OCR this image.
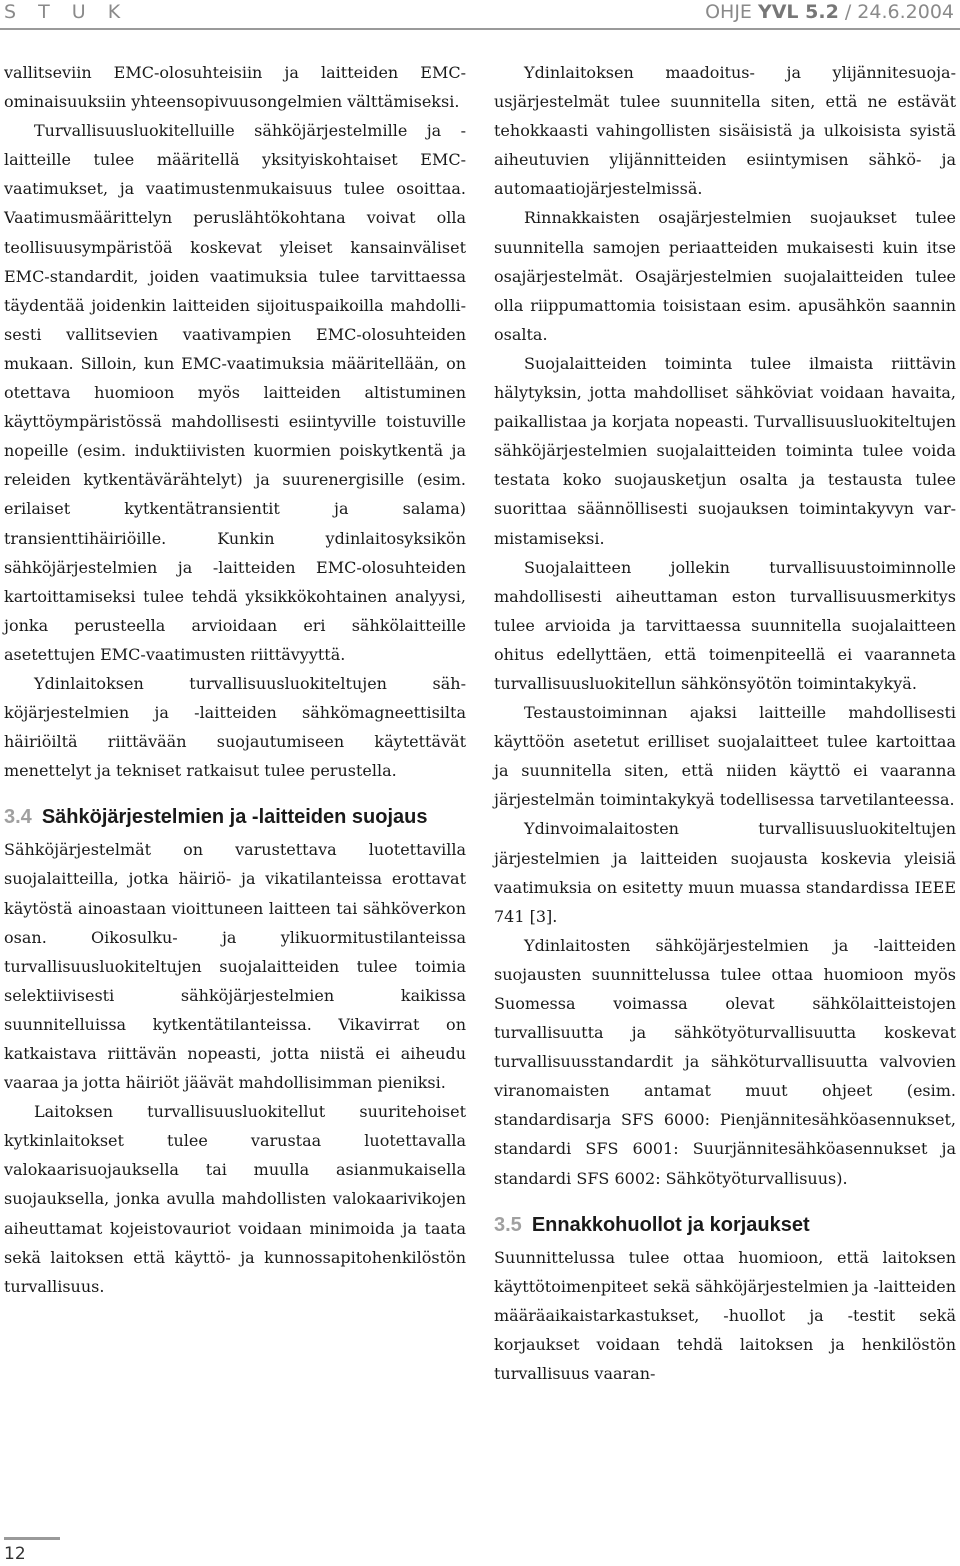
S T U K	OHJE YVL 5.2 / 24.6.2004

vallitseviin EMC-olosuhteisiin ja laitteiden EMC-ominaisuuksiin yhteensopivuusongelmien välttämiseksi.

Turvallisuusluokitelluille sähköjärjestelmille ja -laitteille tulee määritellä yksityiskohtaiset EMC-vaatimukset, ja vaatimustenmukaisuus tulee osoittaa. Vaatimusmäärittelyn peruslähtökohtana voivat olla teollisuusympäristöä koskevat yleiset kansainväliset EMC-standardit, joiden vaatimuksia tulee tarvittaessa täydentää joidenkin laitteiden sijoituspaikoilla mahdollisesti vallitsevien vaativampien EMC-olosuhteiden mukaan. Silloin, kun EMC-vaatimuksia määritellään, on otettava huomioon myös laitteiden altistuminen käyttöympäristössä mahdollisesti esiintyville toistuville nopeille (esim. induktiivisten kuormien poiskytkentä ja releiden kytkentävärähtelyt) ja suurenergisille (esim. erilaiset kytkentätransientit ja salama) transienttihäiriöille. Kunkin ydinlaitosyksikön sähköjärjestelmien ja -laitteiden EMC-olosuhteiden kartoittamiseksi tulee tehdä yksikkökohtainen analyysi, jonka perusteella arvioidaan eri sähkölaitteille asetettujen EMC-vaatimusten riittävyyttä.

Ydinlaitoksen turvallisuusluokiteltujen sähköjärjestelmien ja -laitteiden sähkömagneettisilta häiriöiltä riittävään suojautumiseen käytettävät menettelyt ja tekniset ratkaisut tulee perustella.

3.4 Sähköjärjestelmien ja -laitteiden suojaus

Sähköjärjestelmät on varustettava luotettavilla suojalaitteilla, jotka häiriö- ja vikatilanteissa erottavat käytöstä ainoastaan vioittuneen laitteen tai sähköverkon osan. Oikosulku- ja ylikuormitustilanteissa turvallisuusluokiteltujen suojalaitteiden tulee toimia selektiivisesti sähköjärjestelmien kaikissa suunnitelluissa kytkentätilanteissa. Vikavirrat on katkaistava riittävän nopeasti, jotta niistä ei aiheudu vaaraa ja jotta häiriöt jäävät mahdollisimman pieniksi.

Laitoksen turvallisuusluokitellut suuritehoiset kytkinlaitokset tulee varustaa luotettavalla valokaarisuojauksella tai muulla asianmukaisella suojauksella, jonka avulla mahdollisten valokaarivikojen aiheuttamat kojeistovauriot voidaan minimoida ja taata sekä laitoksen että käyttö- ja kunnossapitohenkilöstön turvallisuus.

Ydinlaitoksen maadoitus- ja ylijännitesuojausjärjestelmät tulee suunnitella siten, että ne estävät tehokkaasti vahingollisten sisäisistä ja ulkoisista syistä aiheutuvien ylijännitteiden esiintymisen sähkö- ja automaatiojärjestelmissä.

Rinnakkaisten osajärjestelmien suojaukset tulee suunnitella samojen periaatteiden mukaisesti kuin itse osajärjestelmät. Osajärjestelmien suojalaitteiden tulee olla riippumattomia toisistaan esim. apusähkön saannin osalta.

Suojalaitteiden toiminta tulee ilmaista riittävin hälytyksin, jotta mahdolliset sähköviat voidaan havaita, paikallistaa ja korjata nopeasti. Turvallisuusluokiteltujen sähköjärjestelmien suojalaitteiden toiminta tulee voida testata koko suojausketjun osalta ja testausta tulee suorittaa säännöllisesti suojauksen toimintakyvyn varmistamiseksi.

Suojalaitteen jollekin turvallisuustoiminnolle mahdollisesti aiheuttaman eston turvallisuusmerkitys tulee arvioida ja tarvittaessa suunnitella suojalaitteen ohitus edellyttäen, että toimenpiteellä ei vaaranneta turvallisuusluokitellun sähkönsyötön toimintakykyä.

Testaustoiminnan ajaksi laitteille mahdollisesti käyttöön asetetut erilliset suojalaitteet tulee kartoittaa ja suunnitella siten, että niiden käyttö ei vaaranna järjestelmän toimintakykyä todellisessa tarvetilanteessa.

Ydinvoimalaitosten turvallisuusluokiteltujen järjestelmien ja laitteiden suojausta koskevia yleisiä vaatimuksia on esitetty muun muassa standardissa IEEE 741 [3].

Ydinlaitosten sähköjärjestelmien ja -laitteiden suojausten suunnittelussa tulee ottaa huomioon myös Suomessa voimassa olevat sähkölaitteistojen turvallisuutta ja sähkötyöturvallisuutta koskevat turvallisuusstandardit ja sähköturvallisuutta valvovien viranomaisten antamat muut ohjeet (esim. standardisarja SFS 6000: Pienjännitesähköasennukset, standardi SFS 6001: Suurjännitesähköasennukset ja standardi SFS 6002: Sähkötyöturvallisuus).

3.5 Ennakkohuollot ja korjaukset

Suunnittelussa tulee ottaa huomioon, että laitoksen käyttötoimenpiteet sekä sähköjärjestelmien ja -laitteiden määräaikaistarkastukset, -huollot ja -testit sekä korjaukset voidaan tehdä laitoksen ja henkilöstön turvallisuus vaaran-

12
